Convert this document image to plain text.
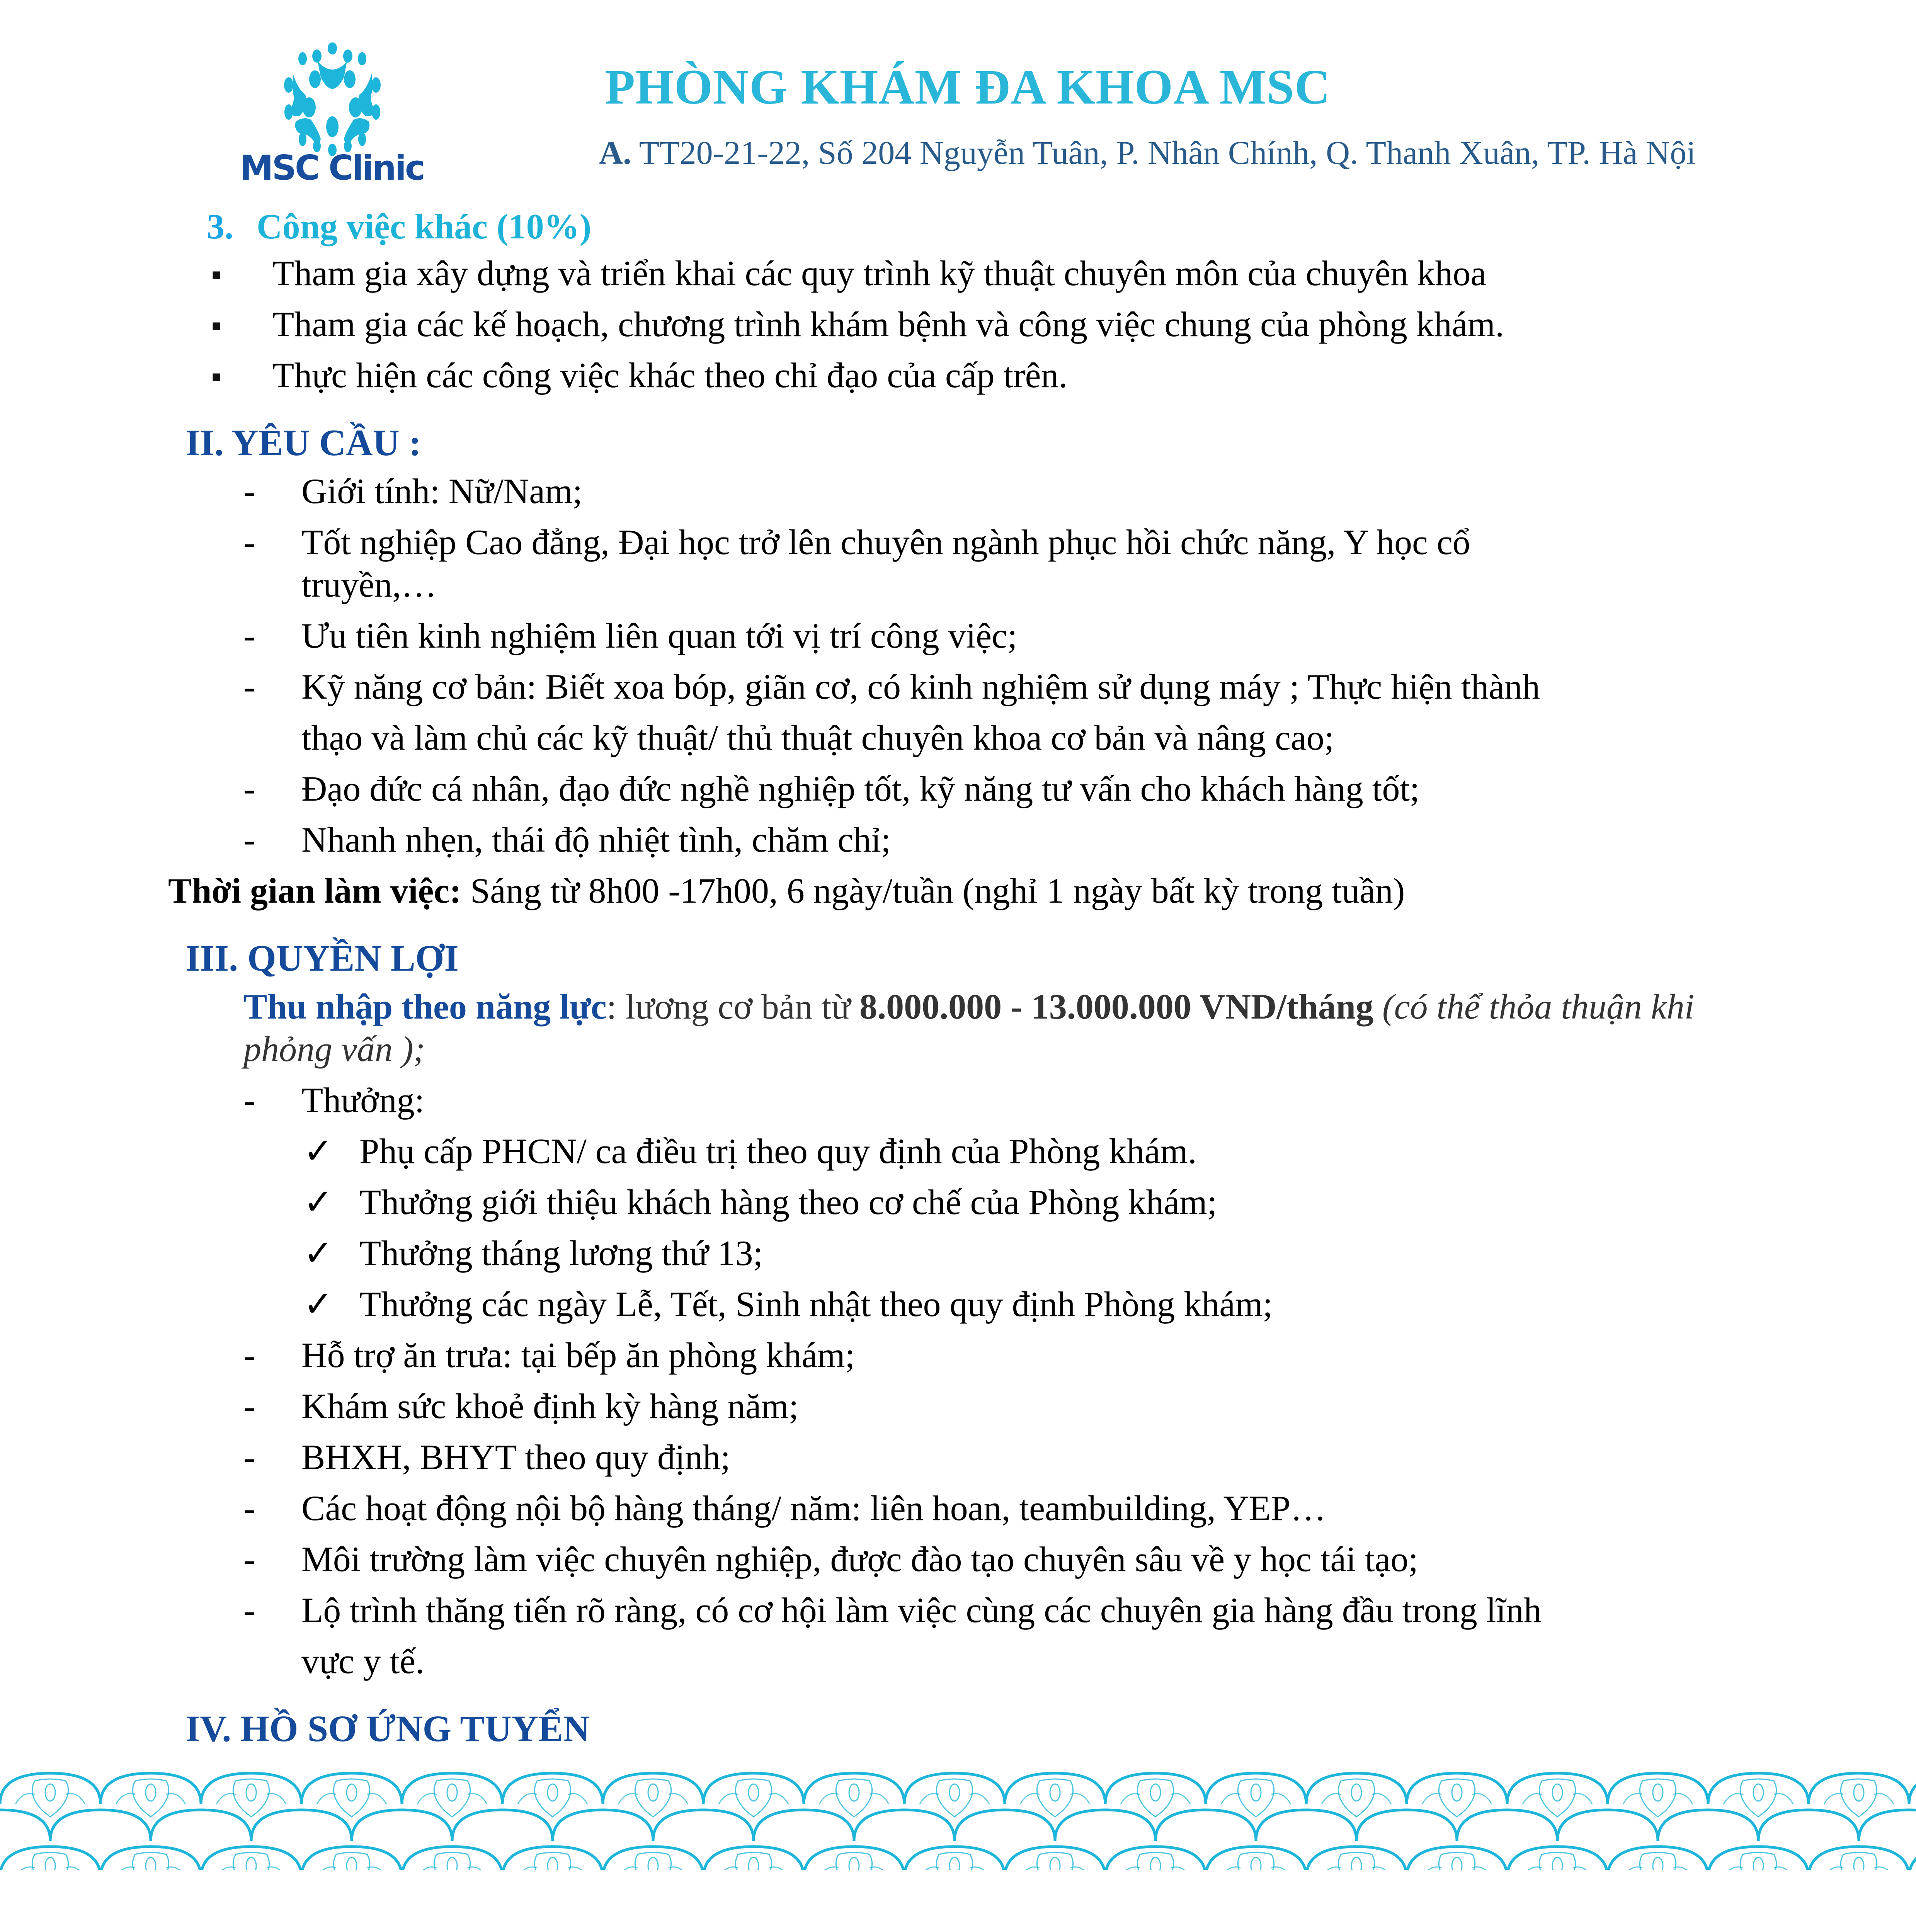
MSC Clinic
PHÒNG KHÁM ĐA KHOA MSC
A. TT20-21-22, Số 204 Nguyễn Tuân, P. Nhân Chính, Q. Thanh Xuân, TP. Hà Nội
3. Công việc khác (10%)
■ Tham gia xây dựng và triển khai các quy trình kỹ thuật chuyên môn của chuyên khoa
■ Tham gia các kế hoạch, chương trình khám bệnh và công việc chung của phòng khám.
■ Thực hiện các công việc khác theo chỉ đạo của cấp trên.
II. YÊU CẦU :
- Giới tính: Nữ/Nam;
- Tốt nghiệp Cao đẳng, Đại học trở lên chuyên ngành phục hồi chức năng, Y học cổ
truyền,…
- Ưu tiên kinh nghiệm liên quan tới vị trí công việc;
- Kỹ năng cơ bản: Biết xoa bóp, giãn cơ, có kinh nghiệm sử dụng máy ; Thực hiện thành
thạo và làm chủ các kỹ thuật/ thủ thuật chuyên khoa cơ bản và nâng cao;
- Đạo đức cá nhân, đạo đức nghề nghiệp tốt, kỹ năng tư vấn cho khách hàng tốt;
- Nhanh nhẹn, thái độ nhiệt tình, chăm chỉ;
Thời gian làm việc: Sáng từ 8h00 -17h00, 6 ngày/tuần (nghỉ 1 ngày bất kỳ trong tuần)
III. QUYỀN LỢI
Thu nhập theo năng lực: lương cơ bản từ 8.000.000 - 13.000.000 VND/tháng (có thể thỏa thuận khi phỏng vấn );
- Thưởng:
✓ Phụ cấp PHCN/ ca điều trị theo quy định của Phòng khám.
✓ Thưởng giới thiệu khách hàng theo cơ chế của Phòng khám;
✓ Thưởng tháng lương thứ 13;
✓ Thưởng các ngày Lễ, Tết, Sinh nhật theo quy định Phòng khám;
- Hỗ trợ ăn trưa: tại bếp ăn phòng khám;
- Khám sức khoẻ định kỳ hàng năm;
- BHXH, BHYT theo quy định;
- Các hoạt động nội bộ hàng tháng/ năm: liên hoan, teambuilding, YEP…
- Môi trường làm việc chuyên nghiệp, được đào tạo chuyên sâu về y học tái tạo;
- Lộ trình thăng tiến rõ ràng, có cơ hội làm việc cùng các chuyên gia hàng đầu trong lĩnh
vực y tế.
IV. HỒ SƠ ỨNG TUYỂN
